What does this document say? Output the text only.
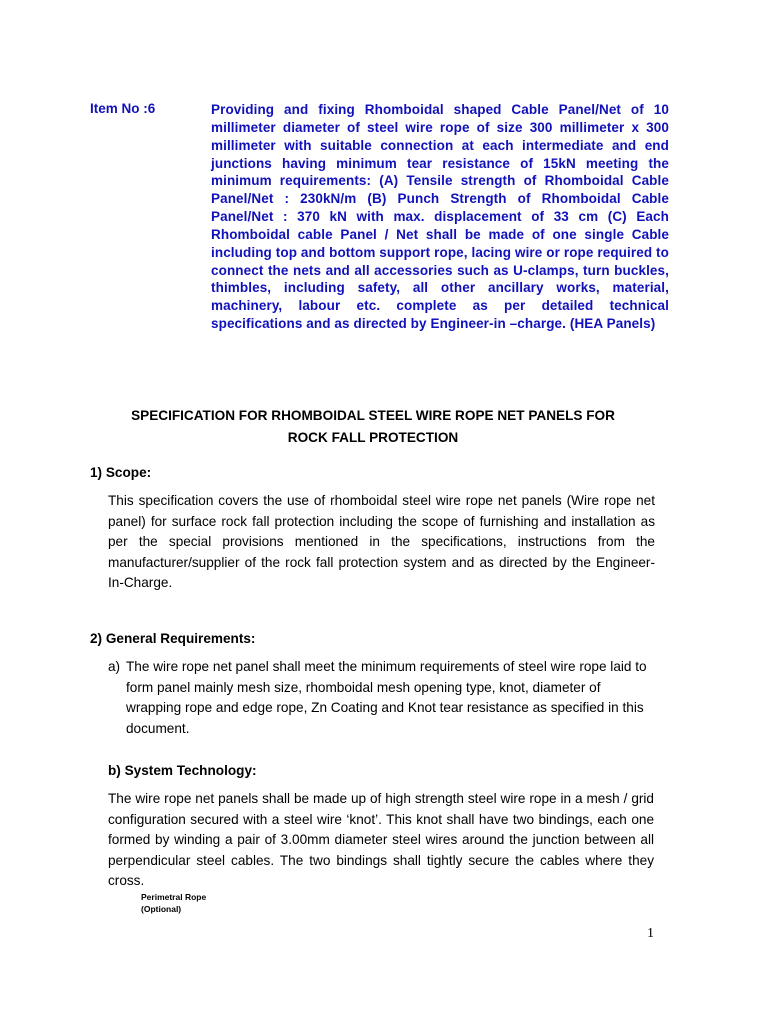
Item No :6	Providing and fixing Rhomboidal shaped Cable Panel/Net of 10 millimeter diameter of steel wire rope of size 300 millimeter x 300 millimeter with suitable connection at each intermediate and end junctions having minimum tear resistance of 15kN meeting the minimum requirements: (A) Tensile strength of Rhomboidal Cable Panel/Net : 230kN/m (B) Punch Strength of Rhomboidal Cable Panel/Net : 370 kN with max. displacement of 33 cm (C) Each Rhomboidal cable Panel / Net shall be made of one single Cable including top and bottom support rope, lacing wire or rope required to connect the nets and all accessories such as U-clamps, turn buckles, thimbles, including safety, all other ancillary works, material, machinery, labour etc. complete as per detailed technical specifications and as directed by Engineer-in –charge. (HEA Panels)
SPECIFICATION FOR RHOMBOIDAL STEEL WIRE ROPE NET PANELS FOR
ROCK FALL PROTECTION
1) Scope:
This specification covers the use of rhomboidal steel wire rope net panels (Wire rope net panel) for surface rock fall protection including the scope of furnishing and installation as per the special provisions mentioned in the specifications, instructions from the manufacturer/supplier of the rock fall protection system and as directed by the Engineer- In-Charge.
2) General Requirements:
a) The wire rope net panel shall meet the minimum requirements of steel wire rope laid to form panel mainly mesh size, rhomboidal mesh opening type, knot, diameter of wrapping rope and edge rope, Zn Coating and Knot tear resistance as specified in this document.
b) System Technology:
The wire rope net panels shall be made up of high strength steel wire rope in a mesh / grid configuration secured with a steel wire ‘knot’. This knot shall have two bindings, each one formed by winding a pair of 3.00mm diameter steel wires around the junction between all perpendicular steel cables. The two bindings shall tightly secure the cables where they cross.
Perimetral Rope
(Optional)
1
